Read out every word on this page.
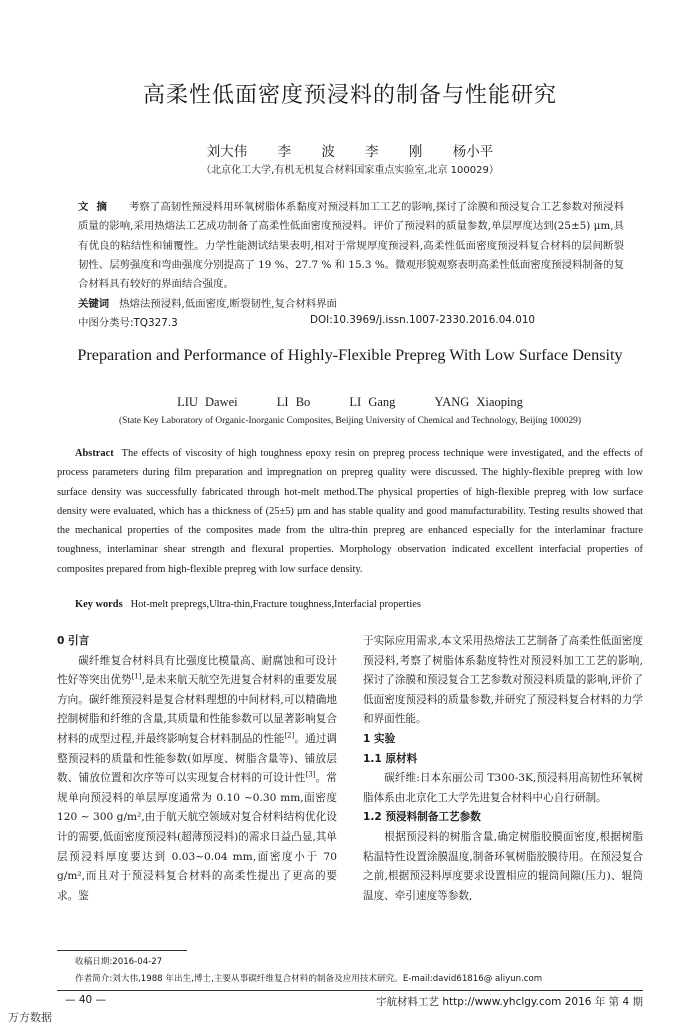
高柔性低面密度预浸料的制备与性能研究
刘大伟 李 波 李 刚 杨小平
（北京化工大学,有机无机复合材料国家重点实验室,北京 100029）
文摘 考察了高韧性预浸料用环氧树脂体系黏度对预浸料加工工艺的影响,探讨了涂膜和预浸复合工艺参数对预浸料质量的影响,采用热熔法工艺成功制备了高柔性低面密度预浸料。评价了预浸料的质量参数,单层厚度达到(25±5) μm,具有优良的粘结性和铺覆性。力学性能测试结果表明,相对于常规厚度预浸料,高柔性低面密度预浸料复合材料的层间断裂韧性、层剪强度和弯曲强度分别提高了 19 %、27.7 % 和 15.3 %。微观形貌观察表明高柔性低面密度预浸料制备的复合材料具有较好的界面结合强度。
关键词 热熔法预浸料,低面密度,断裂韧性,复合材料界面
中图分类号:TQ327.3	DOI:10.3969/j.issn.1007-2330.2016.04.010
Preparation and Performance of Highly-Flexible Prepreg With Low Surface Density
LIU Dawei	LI Bo	LI Gang	YANG Xiaoping
(State Key Laboratory of Organic-Inorganic Composites, Beijing University of Chemical and Technology, Beijing 100029)
Abstract The effects of viscosity of high toughness epoxy resin on prepreg process technique were investigated, and the effects of process parameters during film preparation and impregnation on prepreg quality were discussed. The highly-flexible prepreg with low surface density was successfully fabricated through hot-melt method.The physical properties of high-flexible prepreg with low surface density were evaluated, which has a thickness of (25±5) μm and has stable quality and good manufacturability. Testing results showed that the mechanical properties of the composites made from the ultra-thin prepreg are enhanced especially for the interlaminar fracture toughness, interlaminar shear strength and flexural properties. Morphology observation indicated excellent interfacial properties of composites prepared from high-flexible prepreg with low surface density.
Key words Hot-melt prepregs,Ultra-thin,Fracture toughness,Interfacial properties
0 引言

碳纤维复合材料具有比强度比模量高、耐腐蚀和可设计性好等突出优势[1],是未来航天航空先进复合材料的重要发展方向。碳纤维预浸料是复合材料理想的中间材料,可以精确地控制树脂和纤维的含量,其质量和性能参数可以显著影响复合材料的成型过程,并最终影响复合材料制品的性能[2]。通过调整预浸料的质量和性能参数(如厚度、树脂含量等)、铺放层数、铺放位置和次序等可以实现复合材料的可设计性[3]。常规单向预浸料的单层厚度通常为 0.10 ~0.30 mm,面密度 120 ~ 300 g/m²,由于航天航空领域对复合材料结构优化设计的需要,低面密度预浸料(超薄预浸料)的需求日益凸显,其单层预浸料厚度要达到 0.03~0.04 mm,面密度小于 70 g/m²,而且对于预浸料复合材料的高柔性提出了更高的要求。鉴

于实际应用需求,本文采用热熔法工艺制备了高柔性低面密度预浸料,考察了树脂体系黏度特性对预浸料加工工艺的影响,探讨了涂膜和预浸复合工艺参数对预浸料质量的影响,评价了低面密度预浸料的质量参数,并研究了预浸料复合材料的力学和界面性能。

1 实验
1.1 原材料

碳纤维:日本东丽公司 T300-3K,预浸料用高韧性环氧树脂体系由北京化工大学先进复合材料中心自行研制。

1.2 预浸料制备工艺参数

根据预浸料的树脂含量,确定树脂胶膜面密度,根据树脂粘温特性设置涂膜温度,制备环氧树脂胶膜待用。在预浸复合之前,根据预浸料厚度要求设置相应的辊筒间隙(压力)、辊筒温度、牵引速度等参数,

收稿日期:2016-04-27
作者简介:刘大伟,1988 年出生,博士,主要从事碳纤维复合材料的制备及应用技术研究。E-mail:david61816@ aliyun.com
— 40 —	宇航材料工艺 http://www.yhclgy.com 2016 年 第 4 期
万方数据
